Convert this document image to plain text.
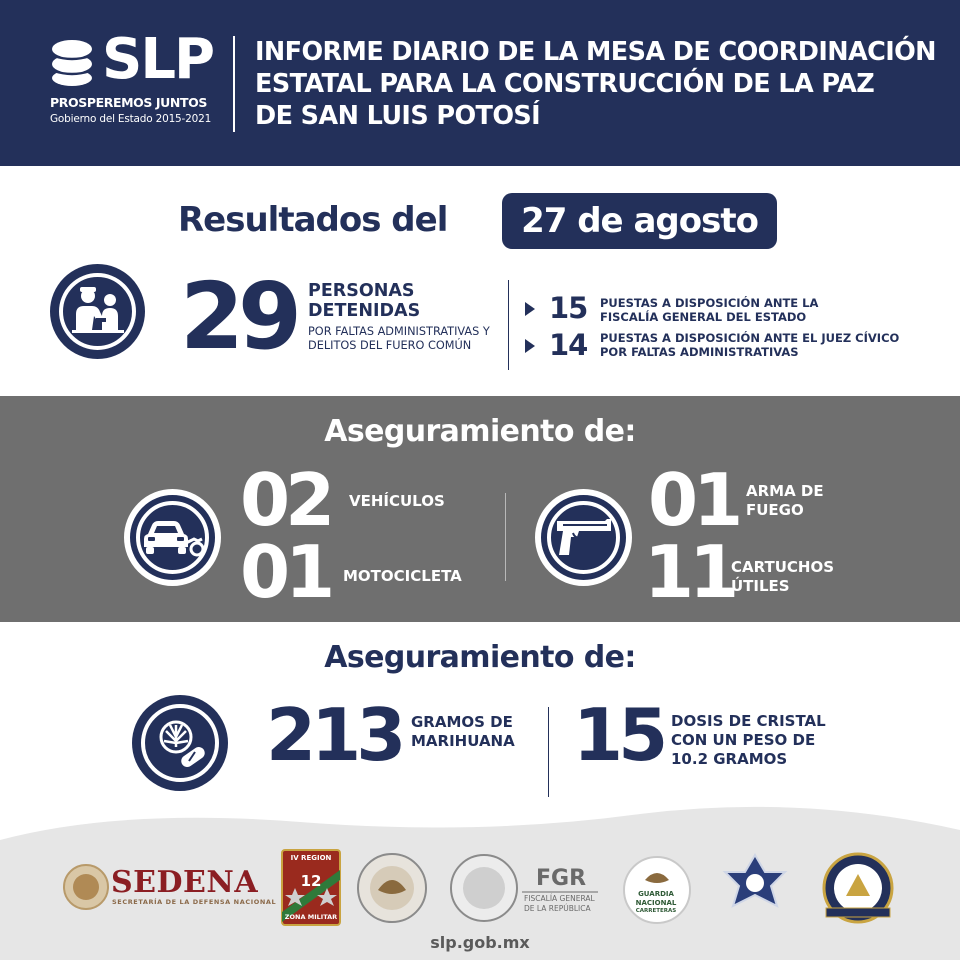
SLP
PROSPEREMOS JUNTOS
Gobierno del Estado 2015-2021
INFORME DIARIO DE LA MESA DE COORDINACIÓN
ESTATAL PARA LA CONSTRUCCIÓN DE LA PAZ
DE SAN LUIS POTOSÍ
Resultados del	27 de agosto
29 PERSONAS
DETENIDAS
POR FALTAS ADMINISTRATIVAS Y
DELITOS DEL FUERO COMÚN
15 PUESTAS A DISPOSICIÓN ANTE LA
FISCALÍA GENERAL DEL ESTADO
14 PUESTAS A DISPOSICIÓN ANTE EL JUEZ CÍVICO
POR FALTAS ADMINISTRATIVAS
Aseguramiento de:
02 VEHÍCULOS
01 MOTOCICLETA
01 ARMA DE
FUEGO
11
CARTUCHOS
ÚTILES
Aseguramiento de:
213 GRAMOS DE
MARIHUANA 15 DOSIS DE CRISTAL
CON UN PESO DE
10.2 GRAMOS
SEDENA
SECRETARÍA DE LA DEFENSA NACIONAL
IV REGION
12
ZONA MILITAR
FGR
FISCALÍA GENERAL
DE LA REPÚBLICA
GUARDIA
NACIONAL
CARRETERAS
slp.gob.mx
